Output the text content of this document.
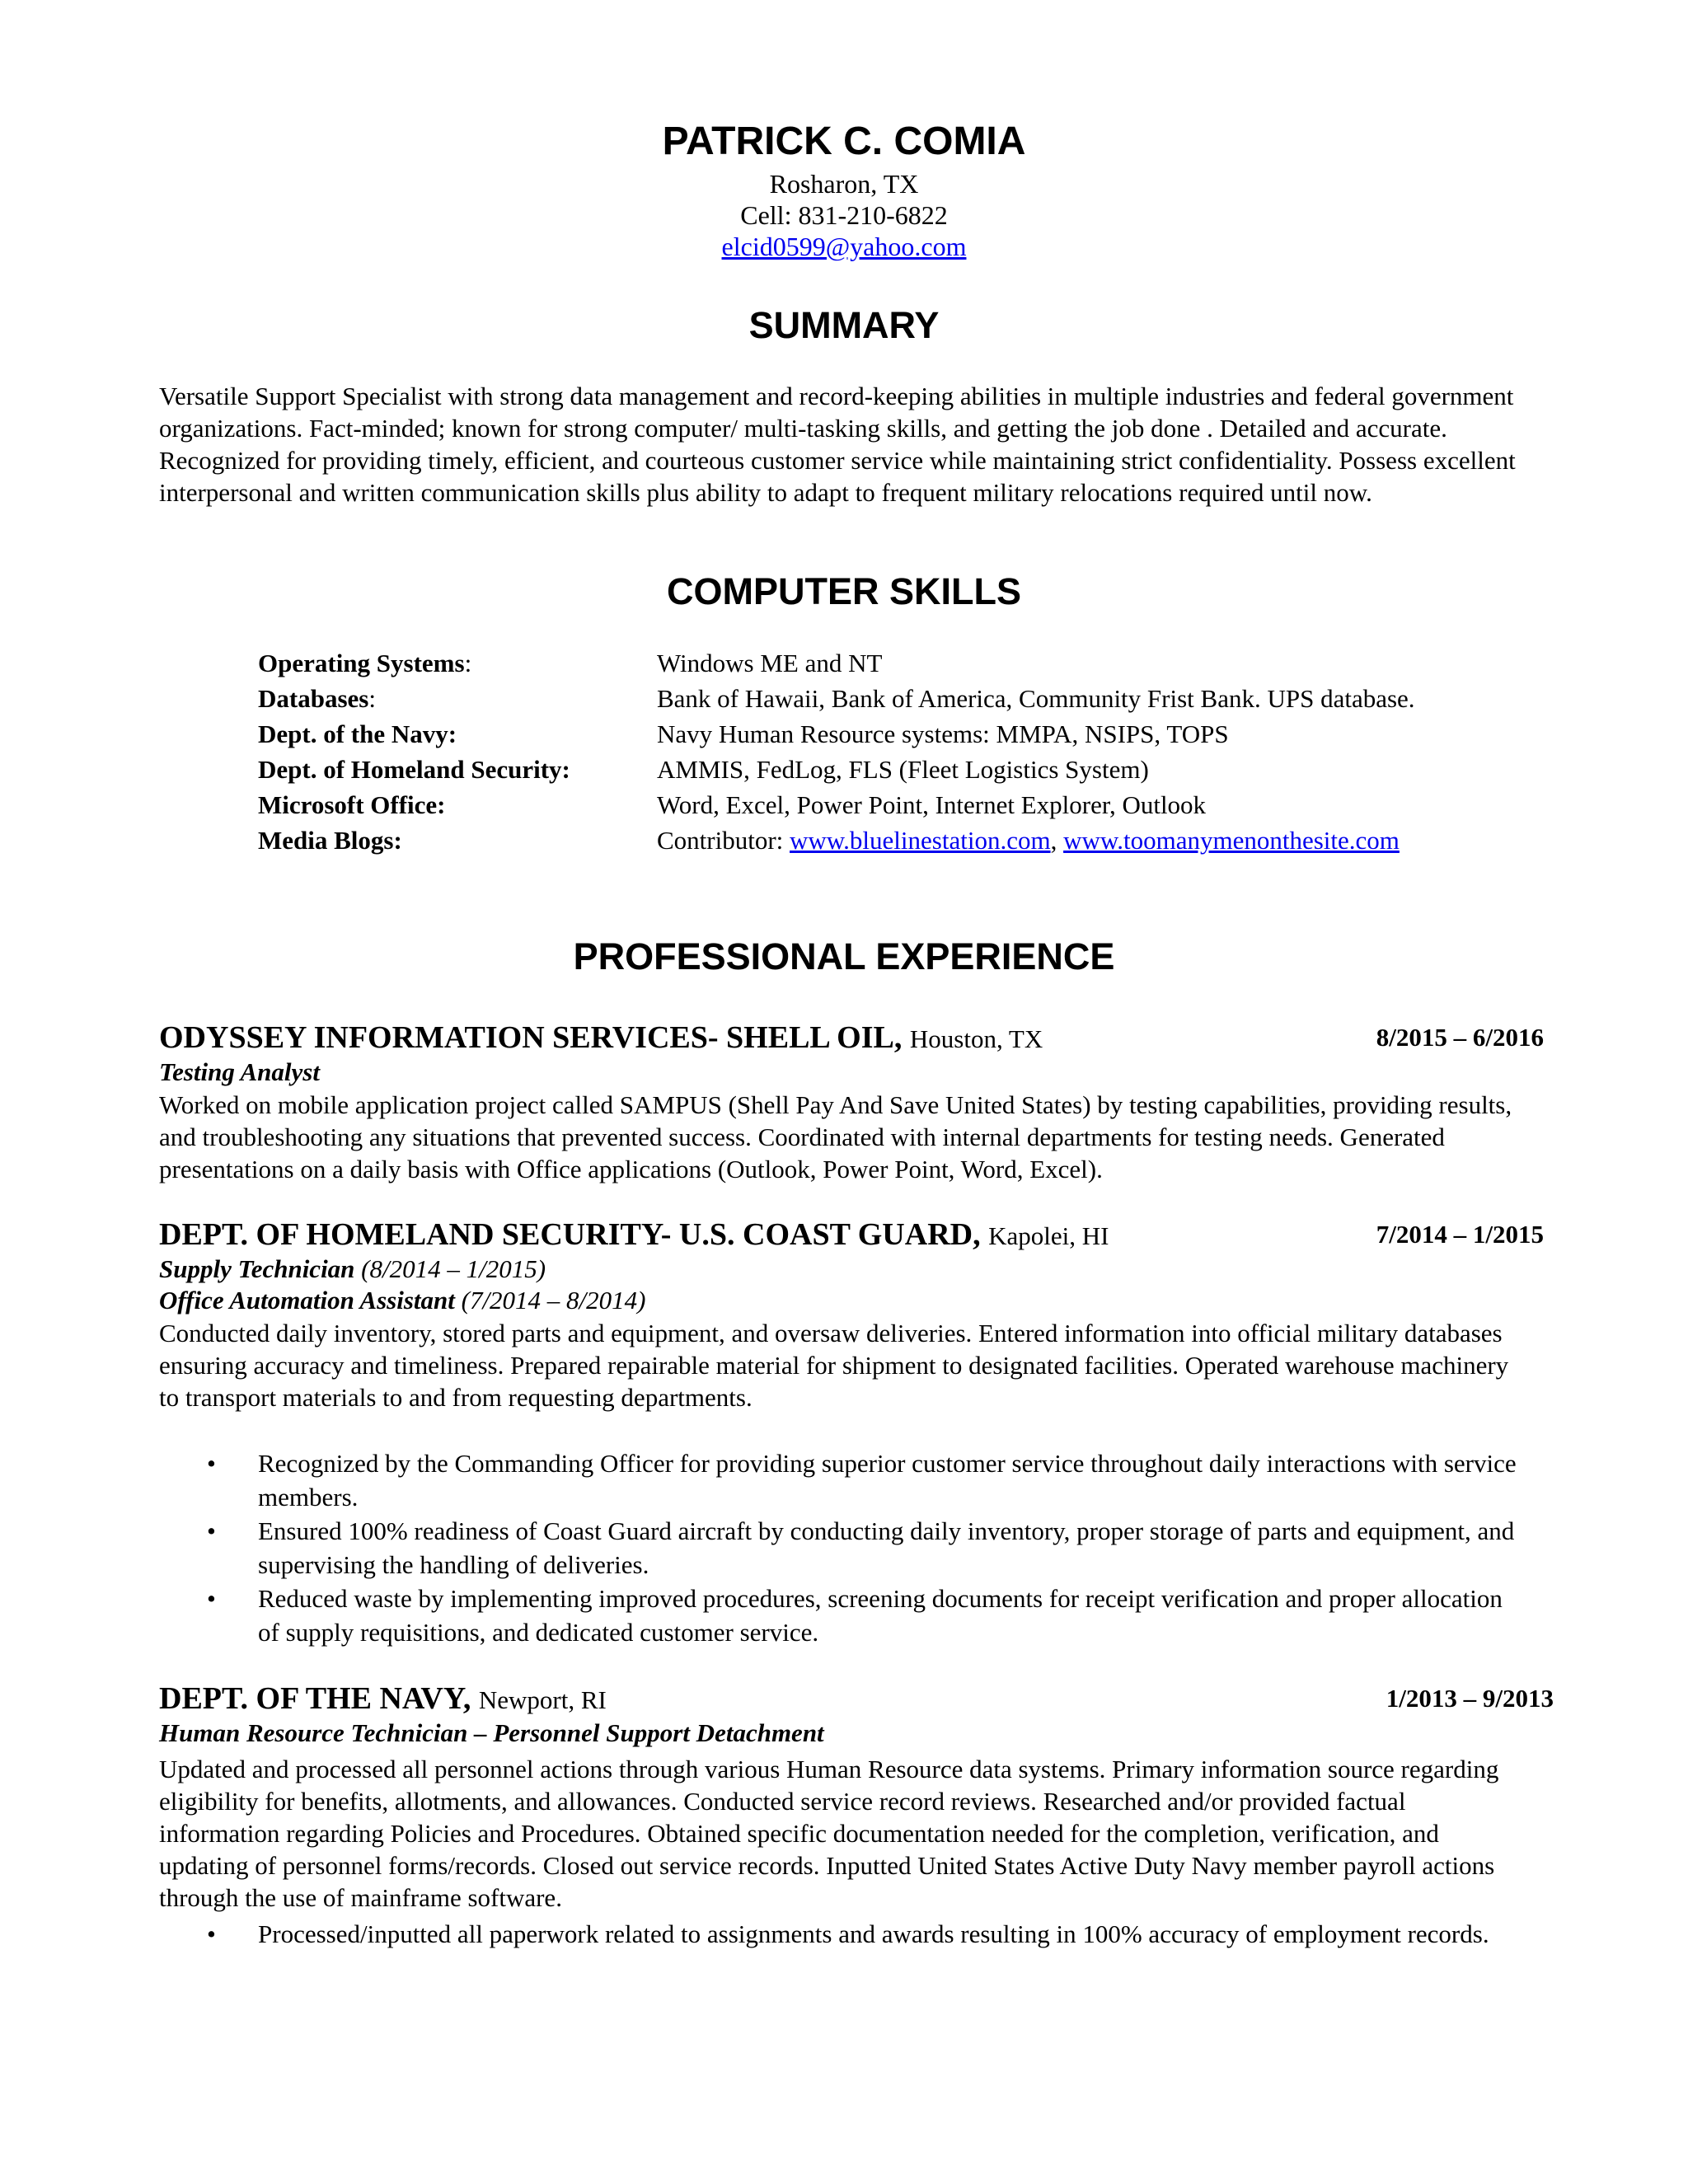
PATRICK C. COMIA
Rosharon, TX
Cell: 831-210-6822
elcid0599@yahoo.com
SUMMARY
Versatile Support Specialist with strong data management and record-keeping abilities in multiple industries and federal government organizations. Fact-minded; known for strong computer/ multi-tasking skills, and getting the job done . Detailed and accurate. Recognized for providing timely, efficient, and courteous customer service while maintaining strict confidentiality. Possess excellent interpersonal and written communication skills plus ability to adapt to frequent military relocations required until now.
COMPUTER SKILLS
Operating Systems:	Windows ME and NT
Databases:	Bank of Hawaii, Bank of America, Community Frist Bank. UPS database.
Dept. of the Navy:	Navy Human Resource systems: MMPA, NSIPS, TOPS
Dept. of Homeland Security:	AMMIS, FedLog, FLS (Fleet Logistics System)
Microsoft Office:	Word, Excel, Power Point, Internet Explorer, Outlook
Media Blogs:	Contributor: www.bluelinestation.com, www.toomanymenonthesite.com
PROFESSIONAL EXPERIENCE
ODYSSEY INFORMATION SERVICES- SHELL OIL, Houston, TX	8/2015 – 6/2016
Testing Analyst
Worked on mobile application project called SAMPUS (Shell Pay And Save United States) by testing capabilities, providing results, and troubleshooting any situations that prevented success. Coordinated with internal departments for testing needs. Generated presentations on a daily basis with Office applications (Outlook, Power Point, Word, Excel).
DEPT. OF HOMELAND SECURITY- U.S. COAST GUARD, Kapolei, HI	7/2014 – 1/2015
Supply Technician (8/2014 – 1/2015)
Office Automation Assistant (7/2014 – 8/2014)
Conducted daily inventory, stored parts and equipment, and oversaw deliveries. Entered information into official military databases ensuring accuracy and timeliness. Prepared repairable material for shipment to designated facilities. Operated warehouse machinery to transport materials to and from requesting departments.
• Recognized by the Commanding Officer for providing superior customer service throughout daily interactions with service members.
• Ensured 100% readiness of Coast Guard aircraft by conducting daily inventory, proper storage of parts and equipment, and supervising the handling of deliveries.
• Reduced waste by implementing improved procedures, screening documents for receipt verification and proper allocation of supply requisitions, and dedicated customer service.
DEPT. OF THE NAVY, Newport, RI	1/2013 – 9/2013
Human Resource Technician – Personnel Support Detachment
Updated and processed all personnel actions through various Human Resource data systems. Primary information source regarding eligibility for benefits, allotments, and allowances. Conducted service record reviews. Researched and/or provided factual information regarding Policies and Procedures. Obtained specific documentation needed for the completion, verification, and updating of personnel forms/records. Closed out service records. Inputted United States Active Duty Navy member payroll actions through the use of mainframe software.
• Processed/inputted all paperwork related to assignments and awards resulting in 100% accuracy of employment records.
